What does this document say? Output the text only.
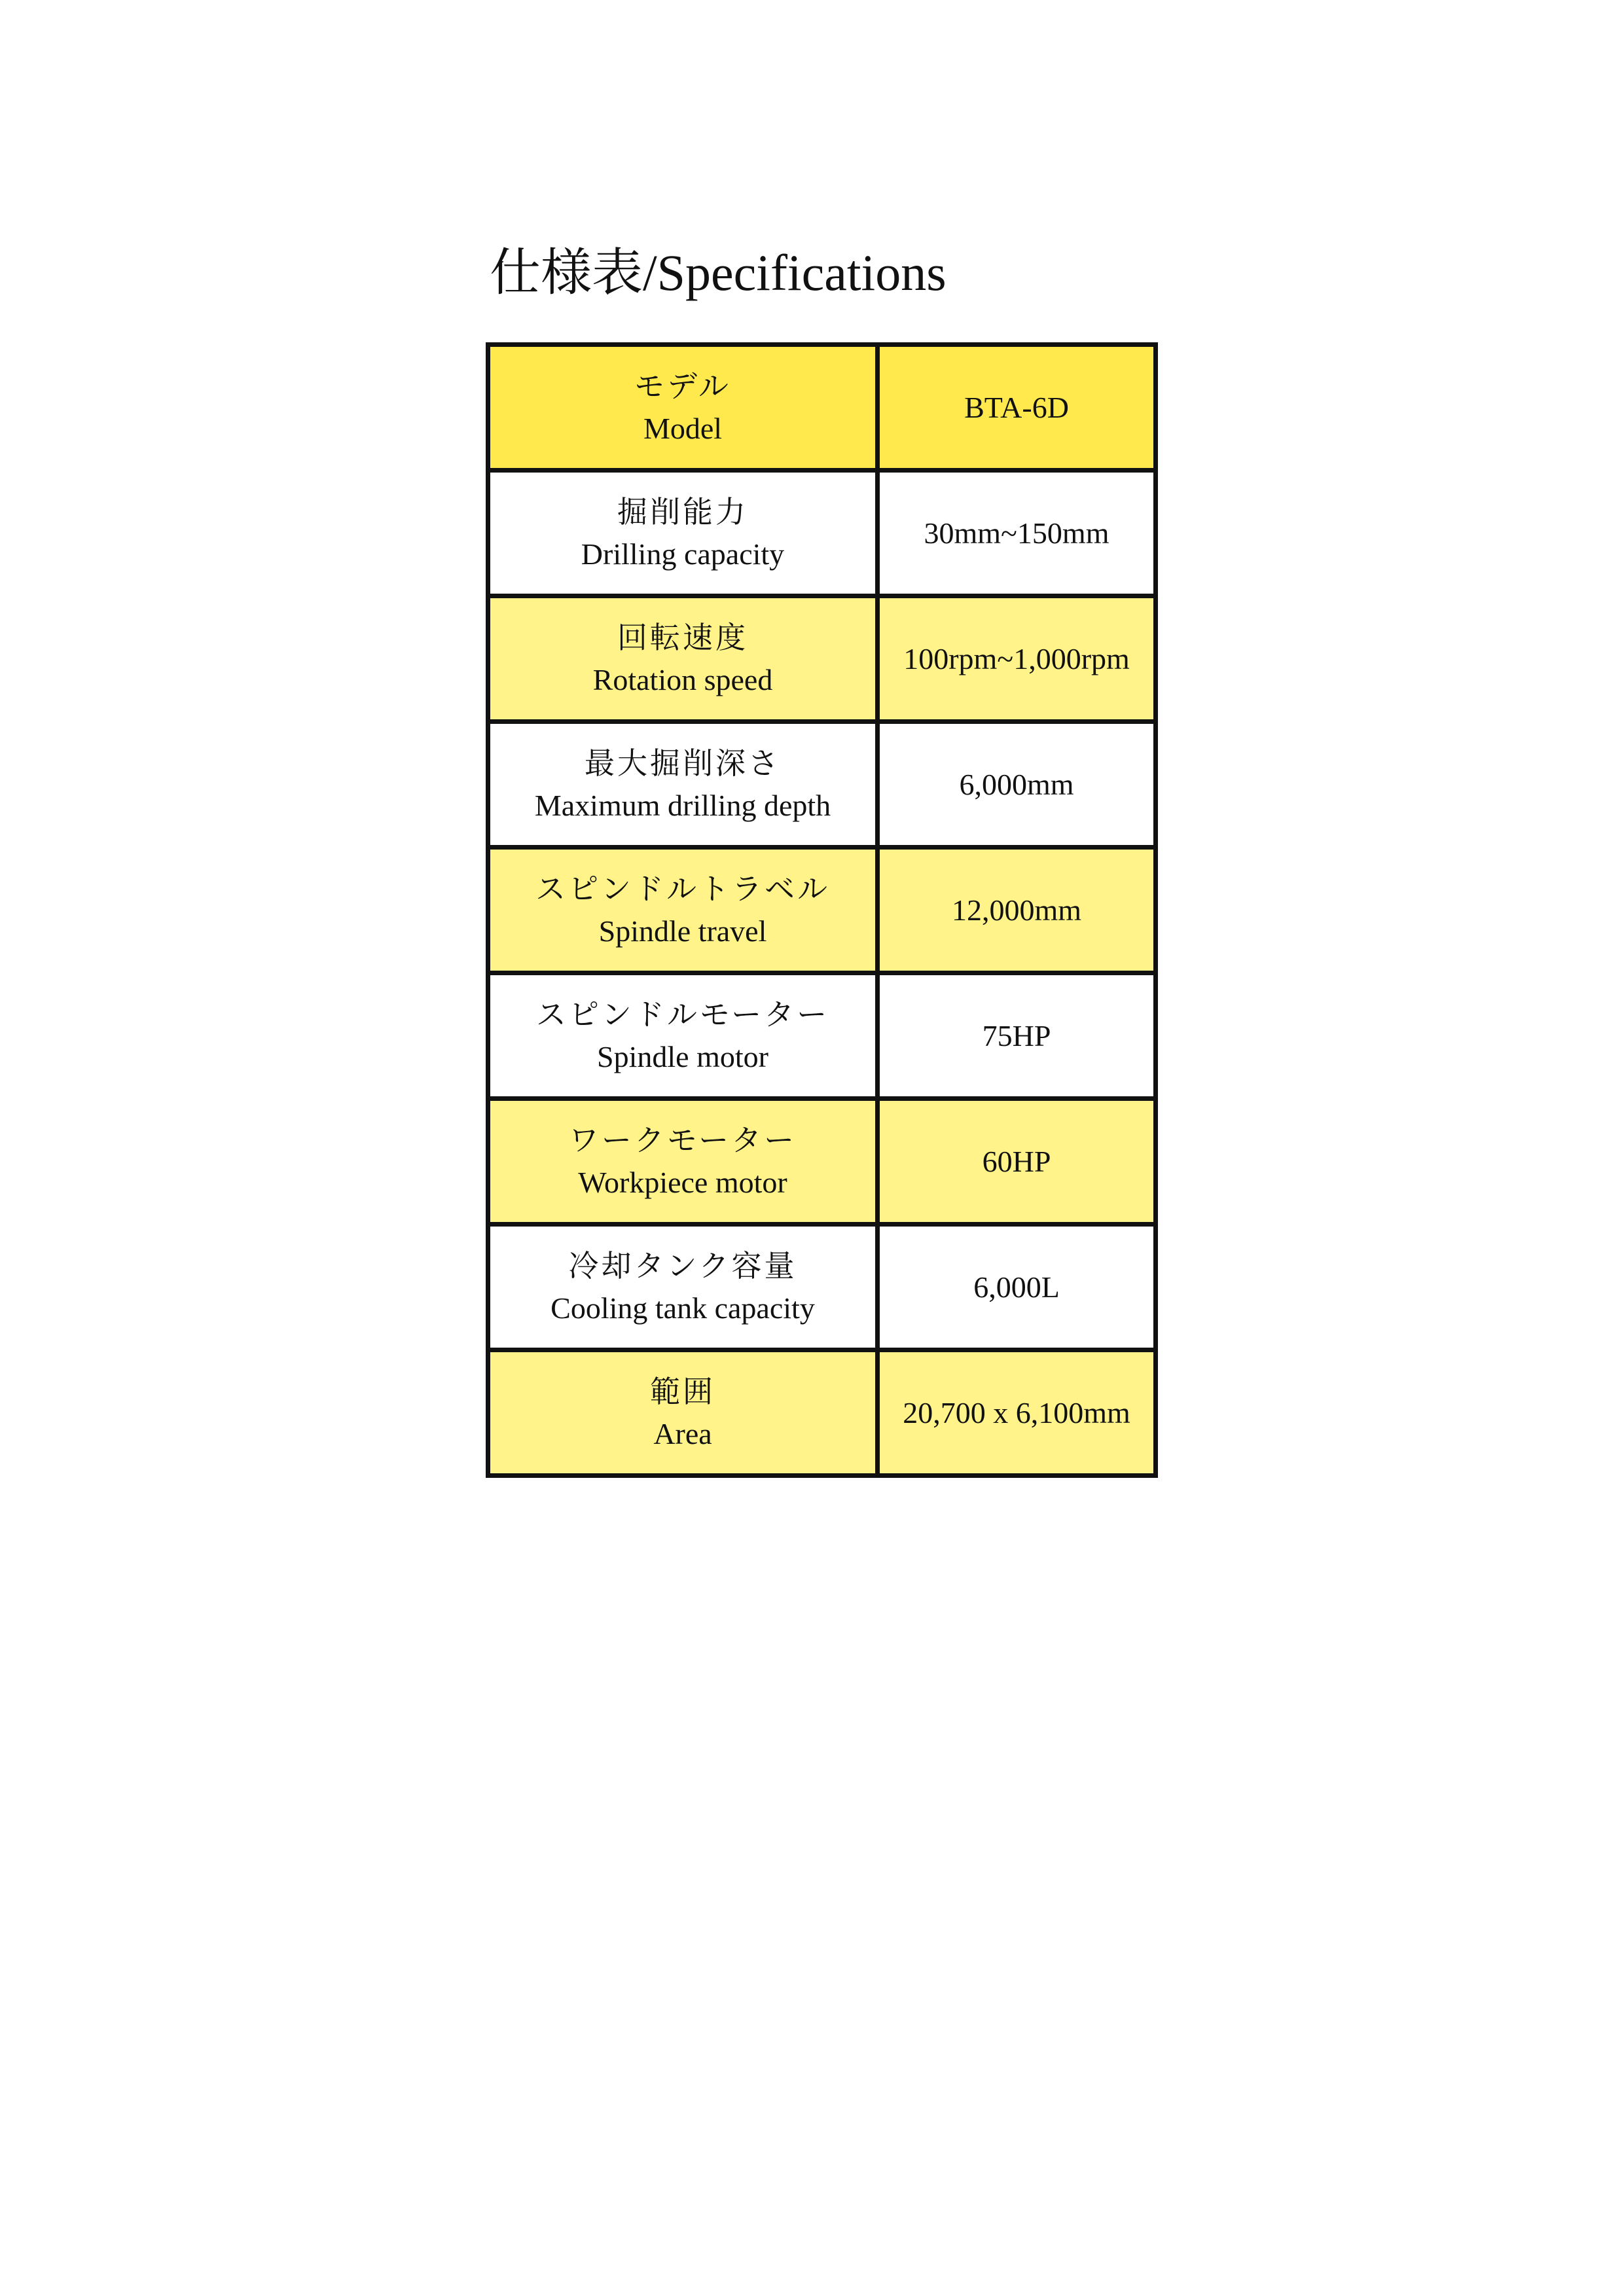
仕様表/Specifications
モデル
Model	BTA-6D

掘削能力
Drilling capacity	30mm~150mm

回転速度
Rotation speed	100rpm~1,000rpm

最大掘削深さ
Maximum drilling depth	6,000mm

スピンドルトラベル
Spindle travel	12,000mm

スピンドルモーター
Spindle motor	75HP

ワークモーター
Workpiece motor	60HP

冷却タンク容量
Cooling tank capacity	6,000L

範囲
Area	20,700 x 6,100mm
